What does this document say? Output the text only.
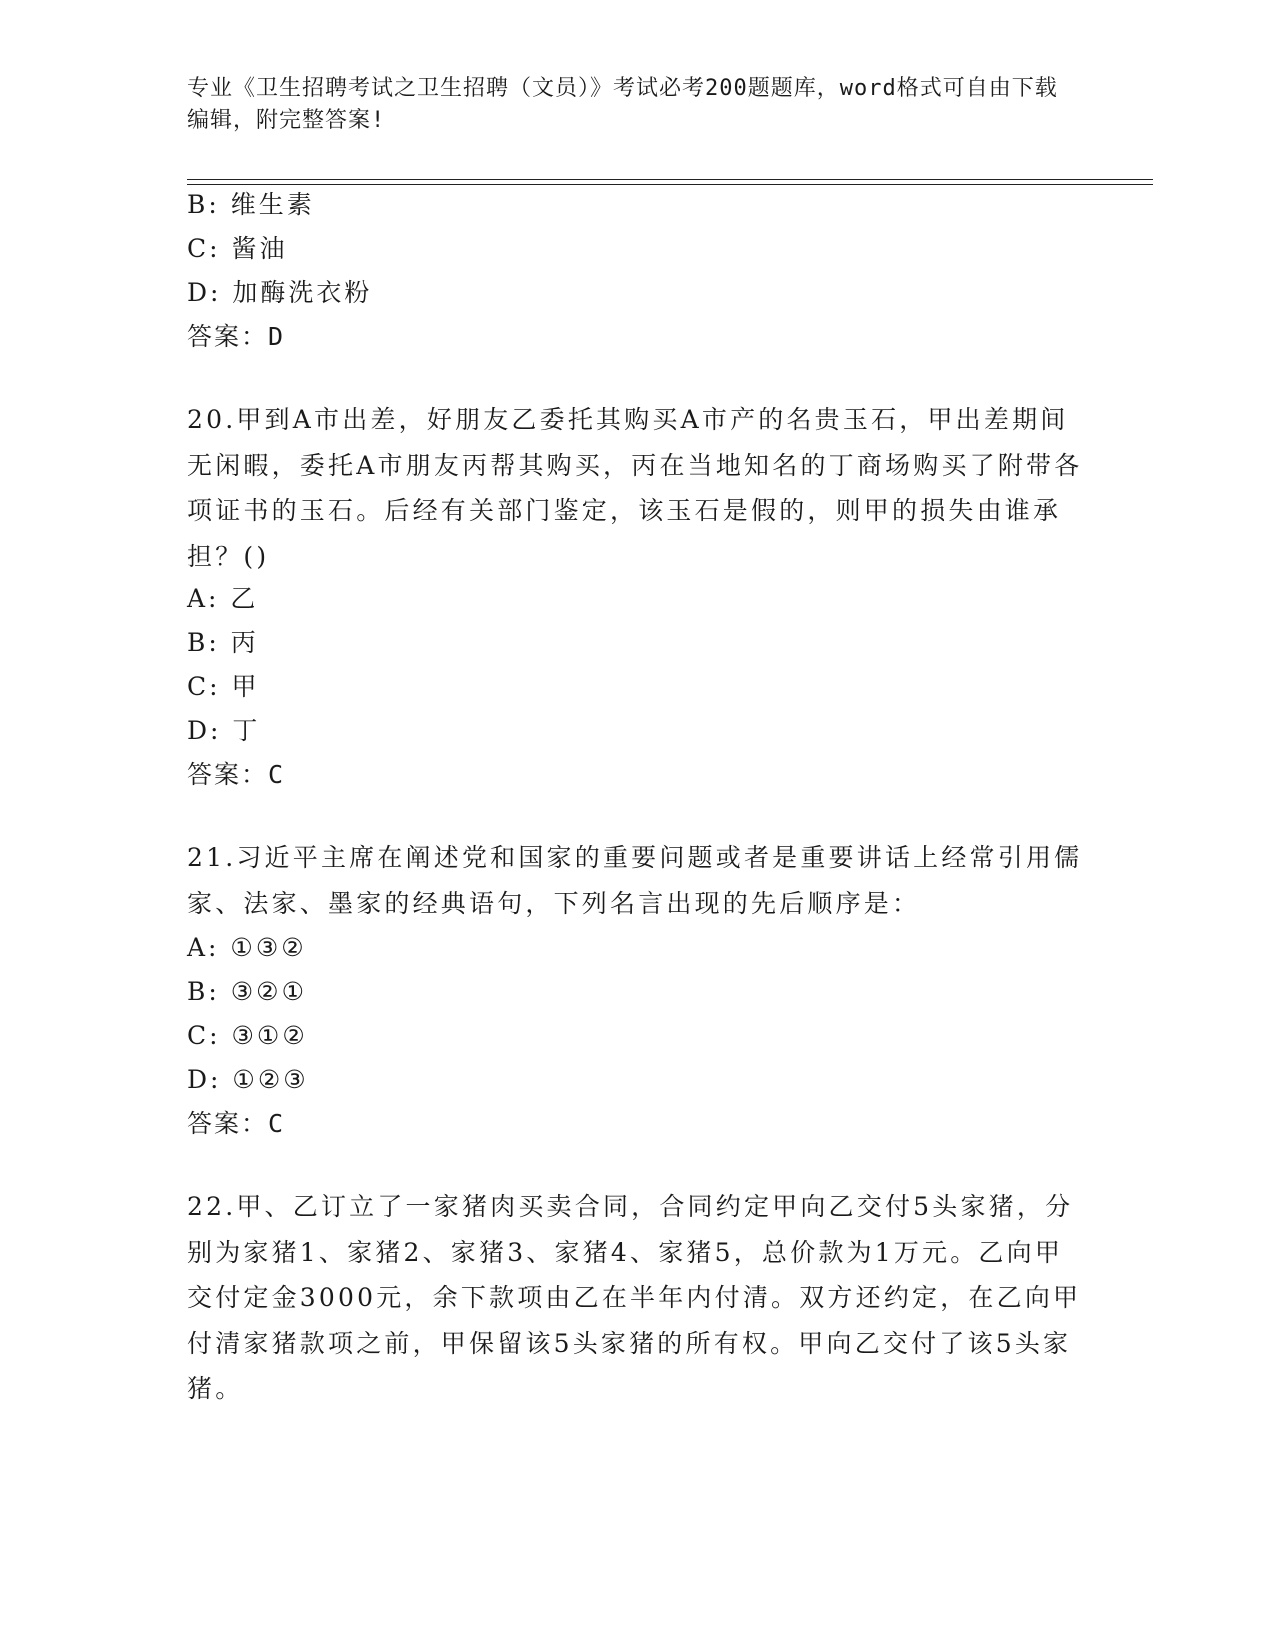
专业《卫生招聘考试之卫生招聘（文员）》考试必考200题题库，word格式可自由下载编辑，附完整答案!
B: 维生素
C: 酱油
D: 加酶洗衣粉
答案：D
20.甲到A市出差，好朋友乙委托其购买A市产的名贵玉石，甲出差期间无闲暇，委托A市朋友丙帮其购买，丙在当地知名的丁商场购买了附带各项证书的玉石。后经有关部门鉴定，该玉石是假的，则甲的损失由谁承担？()
A: 乙
B: 丙
C: 甲
D: 丁
答案：C
21.习近平主席在阐述党和国家的重要问题或者是重要讲话上经常引用儒家、法家、墨家的经典语句，下列名言出现的先后顺序是：
A: ①③②
B: ③②①
C: ③①②
D: ①②③
答案：C
22.甲、乙订立了一家猪肉买卖合同，合同约定甲向乙交付5头家猪，分别为家猪1、家猪2、家猪3、家猪4、家猪5，总价款为1万元。乙向甲交付定金3000元，余下款项由乙在半年内付清。双方还约定，在乙向甲付清家猪款项之前，甲保留该5头家猪的所有权。甲向乙交付了该5头家猪。
